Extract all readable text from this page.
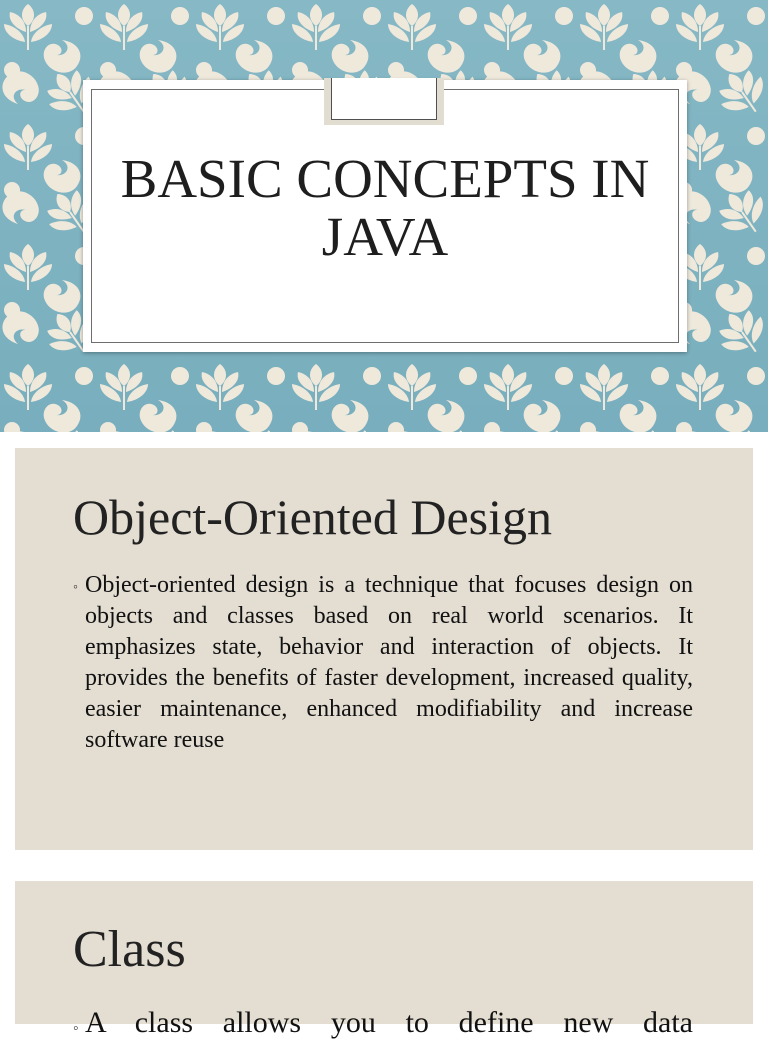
BASIC CONCEPTS IN JAVA
Object-Oriented Design
◦ Object-oriented design is a technique that focuses design on objects and classes based on real world scenarios. It emphasizes state, behavior and interaction of objects. It provides the benefits of faster development, increased quality, easier maintenance, enhanced modifiability and increase software reuse
Class
◦ A class allows you to define new data
